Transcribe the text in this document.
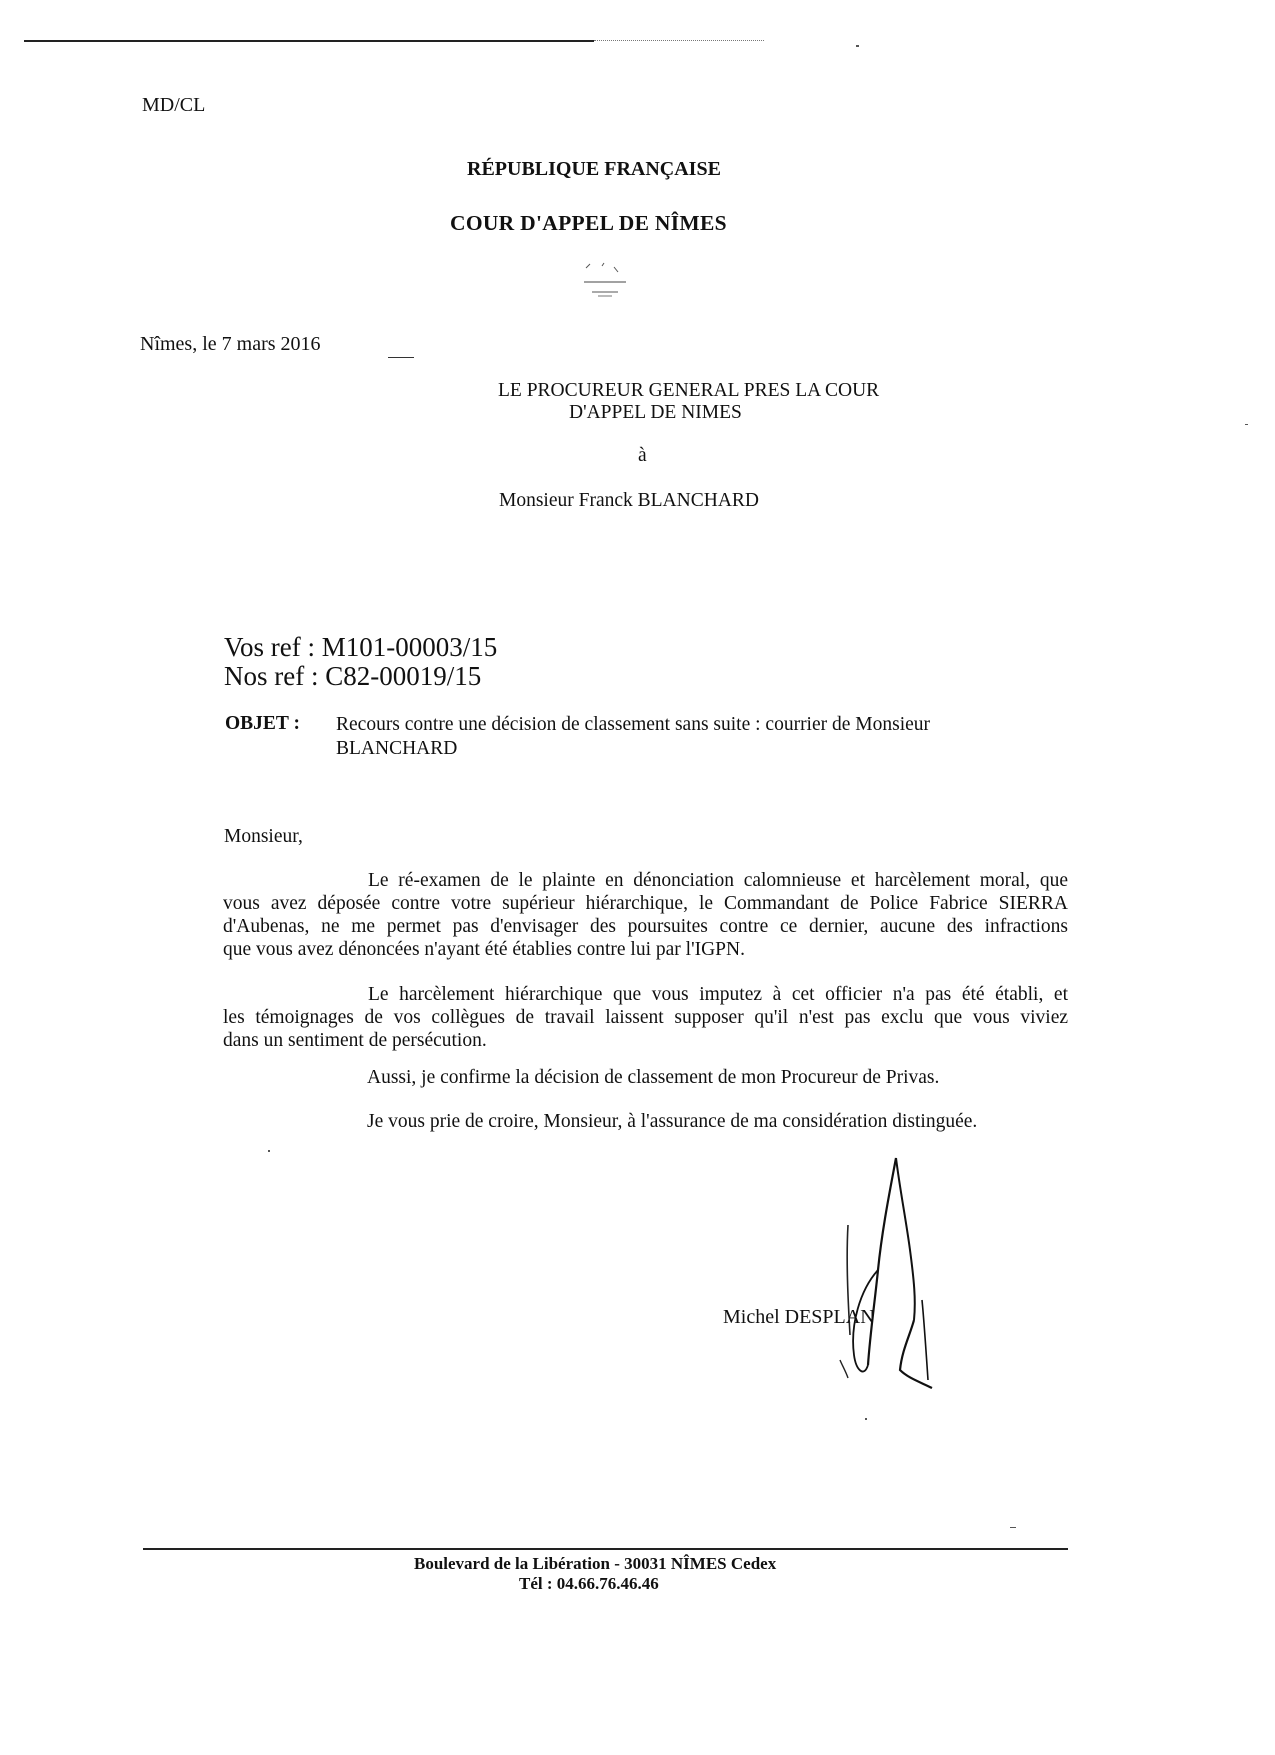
MD/CL
RÉPUBLIQUE FRANÇAISE
COUR D'APPEL DE NÎMES
Nîmes, le 7 mars 2016
LE PROCUREUR GENERAL PRES LA COUR
D'APPEL DE NIMES
à
Monsieur Franck BLANCHARD
Vos ref : M101-00003/15
Nos ref : C82-00019/15
OBJET : Recours contre une décision de classement sans suite : courrier de Monsieur
BLANCHARD
Monsieur,
Le ré-examen de le plainte en dénonciation calomnieuse et harcèlement moral, que
vous avez déposée contre votre supérieur hiérarchique, le Commandant de Police Fabrice SIERRA
d'Aubenas, ne me permet pas d'envisager des poursuites contre ce dernier, aucune des infractions
que vous avez dénoncées n'ayant été établies contre lui par l'IGPN.
Le harcèlement hiérarchique que vous imputez à cet officier n'a pas été établi, et
les témoignages de vos collègues de travail laissent supposer qu'il n'est pas exclu que vous viviez
dans un sentiment de persécution.
Aussi, je confirme la décision de classement de mon Procureur de Privas.
Je vous prie de croire, Monsieur, à l'assurance de ma considération distinguée.
Michel DESPLAN
Boulevard de la Libération - 30031 NÎMES Cedex
Tél : 04.66.76.46.46
